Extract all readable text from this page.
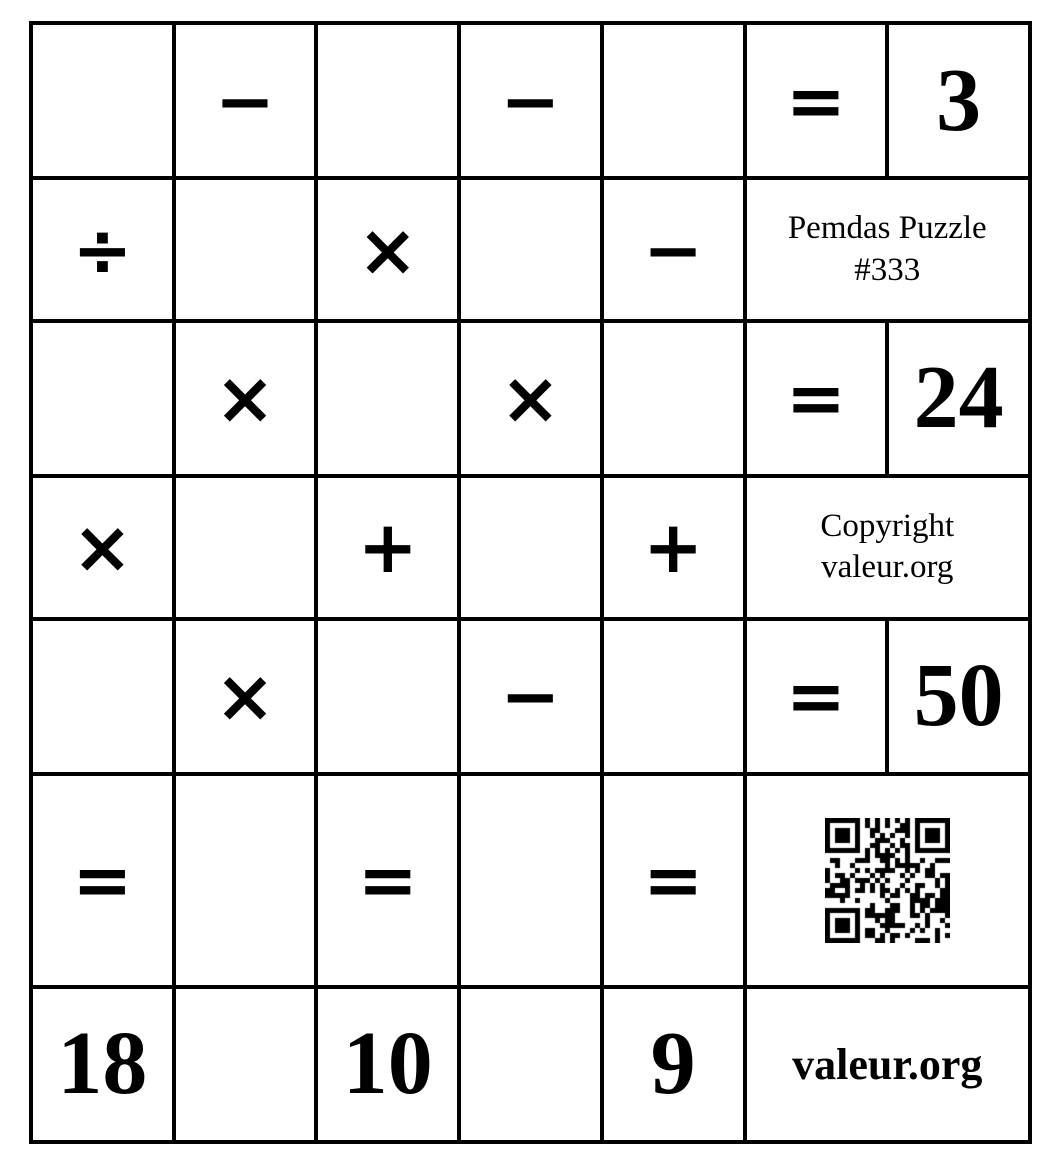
	−		−		=	3
÷		×		−	Pemdas Puzzle
#333	
	×		×		=	24
×		+		+	Copyright
valeur.org	
	×		−		=	50
=		=		=	

18		10		9	valeur.org	
